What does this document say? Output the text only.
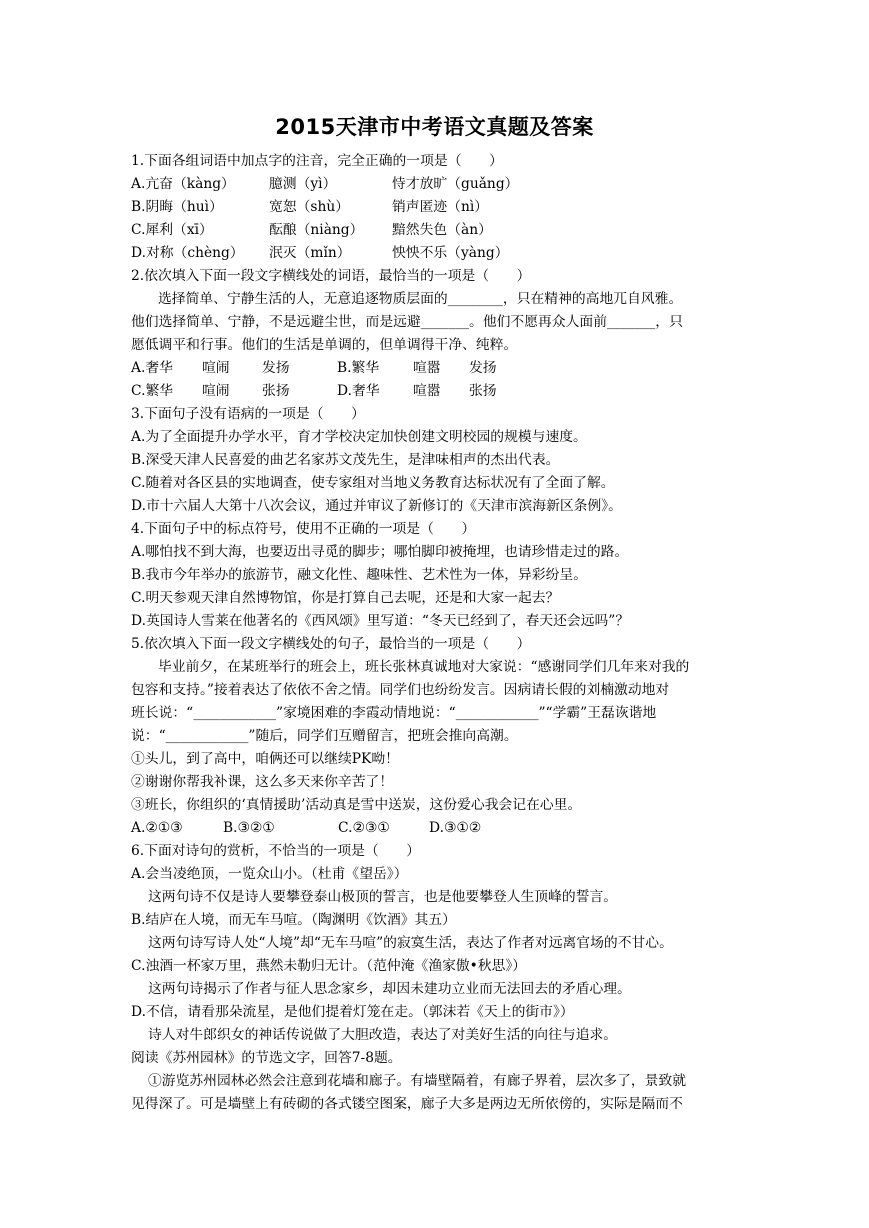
2015天津市中考语文真题及答案
1.下面各组词语中加点字的注音，完全正确的一项是（　　）
A.亢奋（kàng） 臆测（yì）	恃才放旷（guǎng）
B.阴晦（huì）	宽恕（shù）	销声匿迹（nì）
C.犀利（xī）	酝酿（niàng） 黯然失色（àn）
D.对称（chèng） 泯灭（mǐn）	怏怏不乐（yàng）
2.依次填入下面一段文字横线处的词语，最恰当的一项是（　　）
选择简单、宁静生活的人，无意追逐物质层面的________，只在精神的高地兀自风雅。
他们选择简单、宁静，不是远避尘世，而是远避_______。他们不愿再众人面前_______，只
愿低调平和行事。他们的生活是单调的，但单调得干净、纯粹。
A.奢华 喧闹 发扬	B.繁华 喧嚣 发扬
C.繁华 喧闹 张扬	D.奢华 喧嚣 张扬
3.下面句子没有语病的一项是（　　）
A.为了全面提升办学水平，育才学校决定加快创建文明校园的规模与速度。
B.深受天津人民喜爱的曲艺名家苏文茂先生，是津味相声的杰出代表。
C.随着对各区县的实地调查，使专家组对当地义务教育达标状况有了全面了解。
D.市十六届人大第十八次会议，通过并审议了新修订的《天津市滨海新区条例》。
4.下面句子中的标点符号，使用不正确的一项是（　　）
A.哪怕找不到大海，也要迈出寻觅的脚步；哪怕脚印被掩埋，也请珍惜走过的路。
B.我市今年举办的旅游节，融文化性、趣味性、艺术性为一体，异彩纷呈。
C.明天参观天津自然博物馆，你是打算自己去呢，还是和大家一起去？
D.英国诗人雪莱在他著名的《西风颂》里写道：“冬天已经到了，春天还会远吗”？
5.依次填入下面一段文字横线处的句子，最恰当的一项是（　　）
毕业前夕，在某班举行的班会上，班长张林真诚地对大家说：“感谢同学们几年来对我的
包容和支持。”接着表达了依依不舍之情。同学们也纷纷发言。因病请长假的刘楠激动地对
班长说：“____________”家境困难的李霞动情地说：“____________”“学霸”王磊诙谐地
说：“____________”随后，同学们互赠留言，把班会推向高潮。
①头儿，到了高中，咱俩还可以继续PK呦！
②谢谢你帮我补课，这么多天来你辛苦了！
③班长，你组织的‘真情援助’活动真是雪中送炭，这份爱心我会记在心里。
A.②①③	B.③②①	C.②③①	D.③①②
6.下面对诗句的赏析，不恰当的一项是（　　）
A.会当凌绝顶，一览众山小。（杜甫《望岳》）
这两句诗不仅是诗人要攀登泰山极顶的誓言，也是他要攀登人生顶峰的誓言。
B.结庐在人境，而无车马喧。（陶渊明《饮酒》其五）
这两句诗写诗人处“人境”却“无车马喧”的寂寞生活，表达了作者对远离官场的不甘心。
C.浊酒一杯家万里，燕然未勒归无计。（范仲淹《渔家傲•秋思》）
这两句诗揭示了作者与征人思念家乡，却因未建功立业而无法回去的矛盾心理。
D.不信，请看那朵流星，是他们提着灯笼在走。（郭沫若《天上的街市》）
诗人对牛郎织女的神话传说做了大胆改造，表达了对美好生活的向往与追求。
阅读《苏州园林》的节选文字，回答7-8题。
①游览苏州园林必然会注意到花墙和廊子。有墙壁隔着，有廊子界着，层次多了，景致就
见得深了。可是墙壁上有砖砌的各式镂空图案，廊子大多是两边无所依傍的，实际是隔而不
